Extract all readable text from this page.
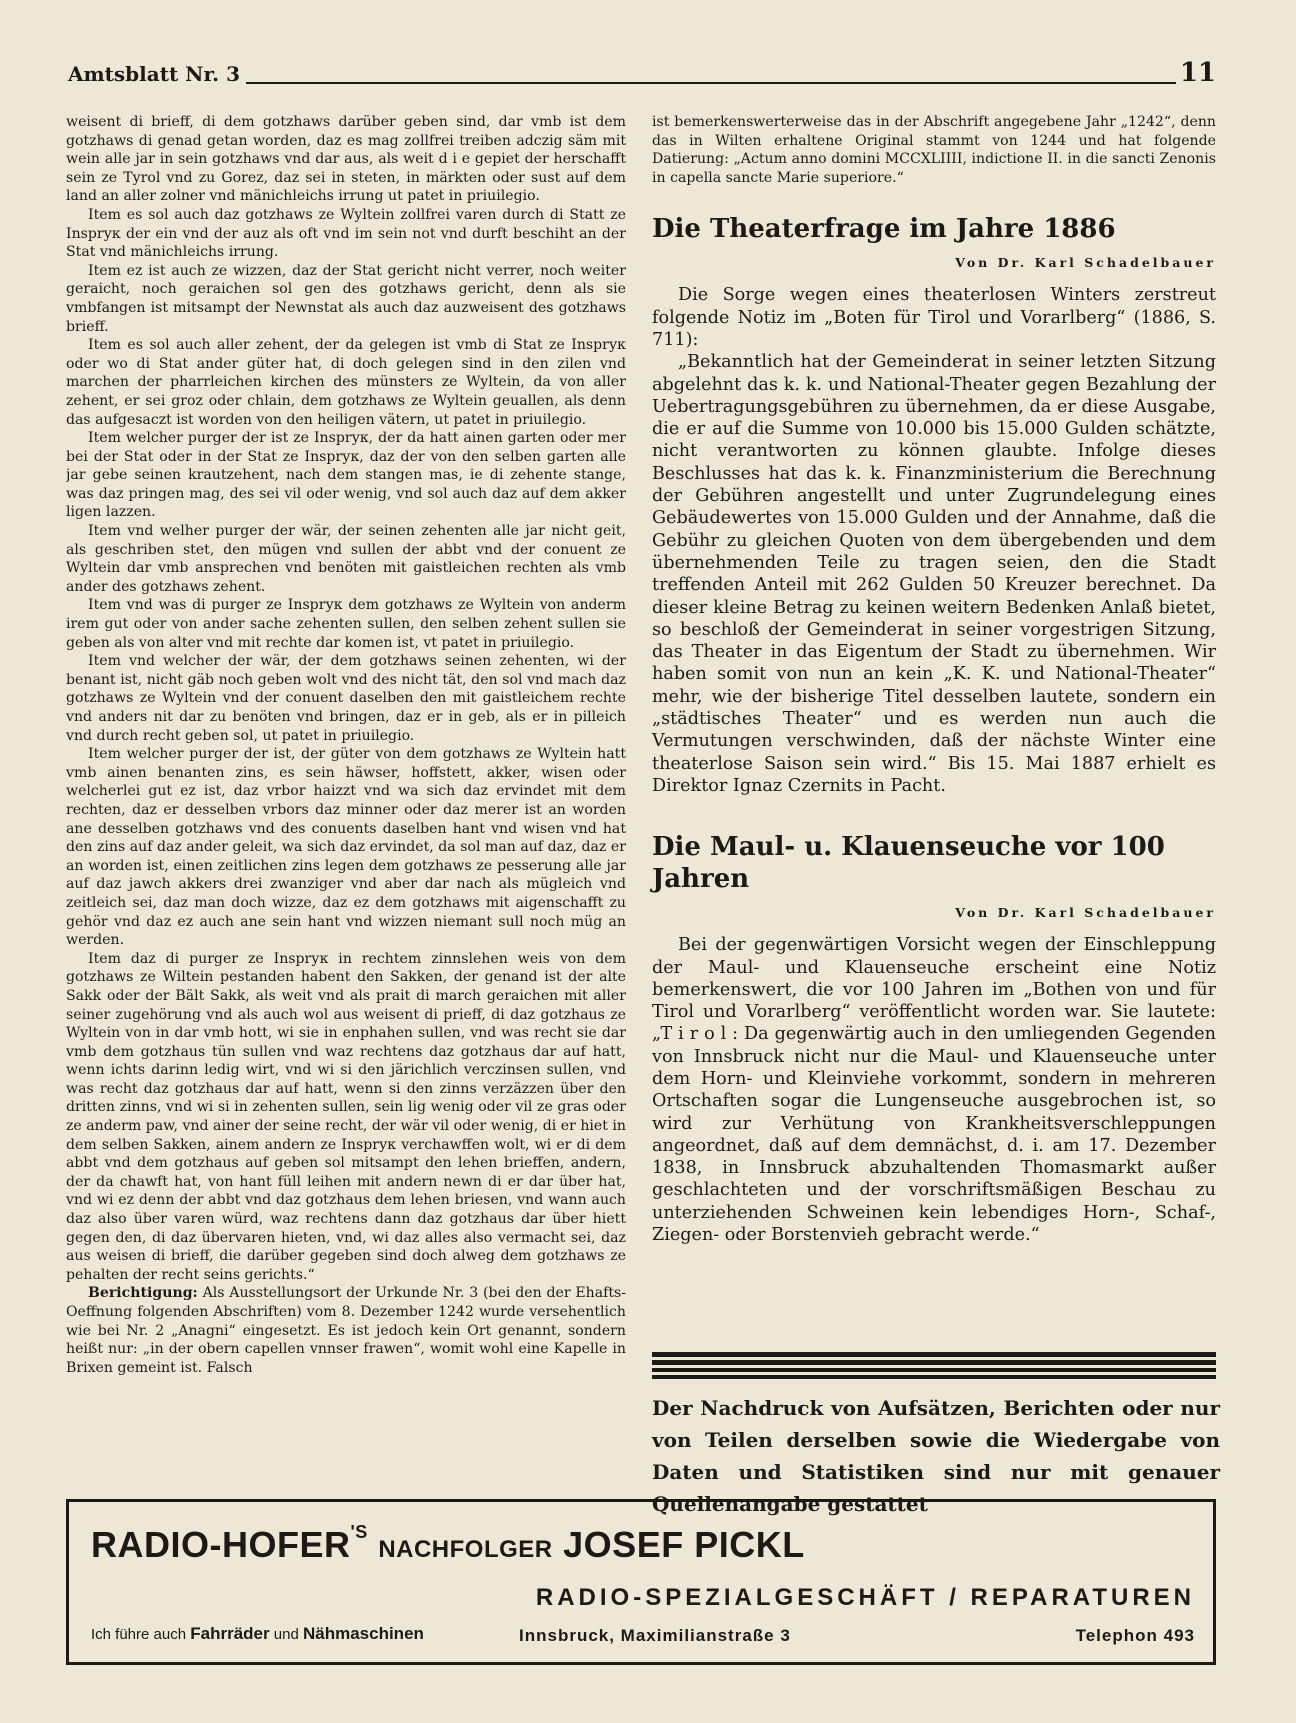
Amtsblatt Nr. 3	11

weisent di brieff, di dem gotzhaws darüber geben sind, dar vmb ist dem gotzhaws di genad getan worden, daz es mag zollfrei treiben adczig säm mit wein alle jar in sein gotzhaws vnd dar aus, als weit d i e gepiet der herschafft sein ze Tyrol vnd zu Gorez, daz sei in steten, in märkten oder sust auf dem land an aller zolner vnd mänichleichs irrung ut patet in priuilegio.

Item es sol auch daz gotzhaws ze Wyltein zollfrei varen durch di Statt ze Insprук der ein vnd der auz als oft vnd im sein not vnd durft beschiht an der Stat vnd mänichleichs irrung.

Item ez ist auch ze wizzen, daz der Stat gericht nicht verrer, noch weiter geraicht, noch geraichen sol gen des gotzhaws gericht, denn als sie vmbfangen ist mitsampt der Newnstat als auch daz auzweisent des gotzhaws brieff.

Item es sol auch aller zehent, der da gelegen ist vmb di Stat ze Insprук oder wo di Stat ander güter hat, di doch gelegen sind in den zilen vnd marchen der pharrleichen kirchen des münsters ze Wyltein, da von aller zehent, er sei groz oder chlain, dem gotzhaws ze Wyltein geuallen, als denn das aufgesaczt ist worden von den heiligen vätern, ut patet in priuilegio.

Item welcher purger der ist ze Insprук, der da hatt ainen garten oder mer bei der Stat oder in der Stat ze Insprук, daz der von den selben garten alle jar gebe seinen krautzehent, nach dem stangen mas, ie di zehente stange, was daz pringen mag, des sei vil oder wenig, vnd sol auch daz auf dem akker ligen lazzen.

Item vnd welher purger der wär, der seinen zehenten alle jar nicht geit, als geschriben stet, den mügen vnd sullen der abbt vnd der conuent ze Wyltein dar vmb ansprechen vnd benöten mit gaistleichen rechten als vmb ander des gotzhaws zehent.

Item vnd was di purger ze Insprук dem gotzhaws ze Wyltein von anderm irem gut oder von ander sache zehenten sullen, den selben zehent sullen sie geben als von alter vnd mit rechte dar komen ist, vt patet in priuilegio.

Item vnd welcher der wär, der dem gotzhaws seinen zehenten, wi der benant ist, nicht gäb noch geben wolt vnd des nicht tät, den sol vnd mach daz gotzhaws ze Wyltein vnd der conuent daselben den mit gaistleichem rechte vnd anders nit dar zu benöten vnd bringen, daz er in geb, als er in pilleich vnd durch recht geben sol, ut patet in priuilegio.

Item welcher purger der ist, der güter von dem gotzhaws ze Wyltein hatt vmb ainen benanten zins, es sein häwser, hoffstett, akker, wisen oder welcherlei gut ez ist, daz vrbor haizzt vnd wa sich daz ervindet mit dem rechten, daz er desselben vrbors daz minner oder daz merer ist an worden ane desselben gotzhaws vnd des conuents daselben hant vnd wisen vnd hat den zins auf daz ander geleit, wa sich daz ervindet, da sol man auf daz, daz er an worden ist, einen zeitlichen zins legen dem gotzhaws ze pesserung alle jar auf daz jawch akkers drei zwanziger vnd aber dar nach als mügleich vnd zeitleich sei, daz man doch wizze, daz ez dem gotzhaws mit aigenschafft zu gehör vnd daz ez auch ane sein hant vnd wizzen niemant sull noch müg an werden.

Item daz di purger ze Insprук in rechtem zinnslehen weis von dem gotzhaws ze Wiltein pestanden habent den Sakken, der genand ist der alte Sakk oder der Bält Sakk, als weit vnd als prait di march geraichen mit aller seiner zugehörung vnd als auch wol aus weisent di prieff, di daz gotzhaus ze Wyltein von in dar vmb hott, wi sie in enphahen sullen, vnd was recht sie dar vmb dem gotzhaus tün sullen vnd waz rechtens daz gotzhaus dar auf hatt, wenn ichts darinn ledig wirt, vnd wi si den järichlich verczinsen sullen, vnd was recht daz gotzhaus dar auf hatt, wenn si den zinns verzäzzen über den dritten zinns, vnd wi si in zehenten sullen, sein lig wenig oder vil ze gras oder ze anderm paw, vnd ainer der seine recht, der wär vil oder wenig, di er hiet in dem selben Sakken, ainem andern ze Insprук verchawffen wolt, wi er di dem abbt vnd dem gotzhaus auf geben sol mitsampt den lehen brieffen, andern, der da chawft hat, von hant füll leihen mit andern newn di er dar über hat, vnd wi ez denn der abbt vnd daz gotzhaus dem lehen briesen, vnd wann auch daz also über varen würd, waz rechtens dann daz gotzhaus dar über hiett gegen den, di daz übervaren hieten, vnd, wi daz alles also vermacht sei, daz aus weisen di brieff, die darüber gegeben sind doch alweg dem gotzhaws ze pehalten der recht seins gerichts.“

Berichtigung: Als Ausstellungsort der Urkunde Nr. 3 (bei den der Ehafts-Oeffnung folgenden Abschriften) vom 8. Dezember 1242 wurde versehentlich wie bei Nr. 2 „Anagni“ eingesetzt. Es ist jedoch kein Ort genannt, sondern heißt nur: „in der obern capellen vnnser frawen“, womit wohl eine Kapelle in Brixen gemeint ist. Falsch

ist bemerkenswerterweise das in der Abschrift angegebene Jahr „1242“, denn das in Wilten erhaltene Original stammt von 1244 und hat folgende Datierung: „Actum anno domini MCCXLIIII, indictione II. in die sancti Zenonis in capella sancte Marie superiore.“

Die Theaterfrage im Jahre 1886
Von Dr. Karl Schadelbauer

Die Sorge wegen eines theaterlosen Winters zerstreut folgende Notiz im „Boten für Tirol und Vorarlberg“ (1886, S. 711):

„Bekanntlich hat der Gemeinderat in seiner letzten Sitzung abgelehnt das k. k. und National-Theater gegen Bezahlung der Uebertragungsgebühren zu übernehmen, da er diese Ausgabe, die er auf die Summe von 10.000 bis 15.000 Gulden schätzte, nicht verantworten zu können glaubte. Infolge dieses Beschlusses hat das k. k. Finanzministerium die Berechnung der Gebühren angestellt und unter Zugrundelegung eines Gebäudewertes von 15.000 Gulden und der Annahme, daß die Gebühr zu gleichen Quoten von dem übergebenden und dem übernehmenden Teile zu tragen seien, den die Stadt treffenden Anteil mit 262 Gulden 50 Kreuzer berechnet. Da dieser kleine Betrag zu keinen weitern Bedenken Anlaß bietet, so beschloß der Gemeinderat in seiner vorgestrigen Sitzung, das Theater in das Eigentum der Stadt zu übernehmen. Wir haben somit von nun an kein „K. K. und National-Theater“ mehr, wie der bisherige Titel desselben lautete, sondern ein „städtisches Theater“ und es werden nun auch die Vermutungen verschwinden, daß der nächste Winter eine theaterlose Saison sein wird.“ Bis 15. Mai 1887 erhielt es Direktor Ignaz Czernits in Pacht.

Die Maul- u. Klauenseuche vor 100 Jahren
Von Dr. Karl Schadelbauer

Bei der gegenwärtigen Vorsicht wegen der Einschleppung der Maul- und Klauenseuche erscheint eine Notiz bemerkenswert, die vor 100 Jahren im „Bothen von und für Tirol und Vorarlberg“ veröffentlicht worden war. Sie lautete: „T i r o l : Da gegenwärtig auch in den umliegenden Gegenden von Innsbruck nicht nur die Maul- und Klauenseuche unter dem Horn- und Kleinviehe vorkommt, sondern in mehreren Ortschaften sogar die Lungenseuche ausgebrochen ist, so wird zur Verhütung von Krankheitsverschleppungen angeordnet, daß auf dem demnächst, d. i. am 17. Dezember 1838, in Innsbruck abzuhaltenden Thomasmarkt außer geschlachteten und der vorschriftsmäßigen Beschau zu unterziehenden Schweinen kein lebendiges Horn-, Schaf-, Ziegen- oder Borstenvieh gebracht werde.“

Der Nachdruck von Aufsätzen, Berichten oder nur von Teilen derselben sowie die Wiedergabe von Daten und Statistiken sind nur mit genauer Quellenangabe gestattet
RADIO-$HOFER^{'S}$ NACHFOLGER JOSEF PICKL
RADIO-SPEZIALGESCHÄFT / REPARATUREN
Ich führe auch Fahrräder und Nähmaschinen	Innsbruck, Maximilianstraße 3	Telephon 493
